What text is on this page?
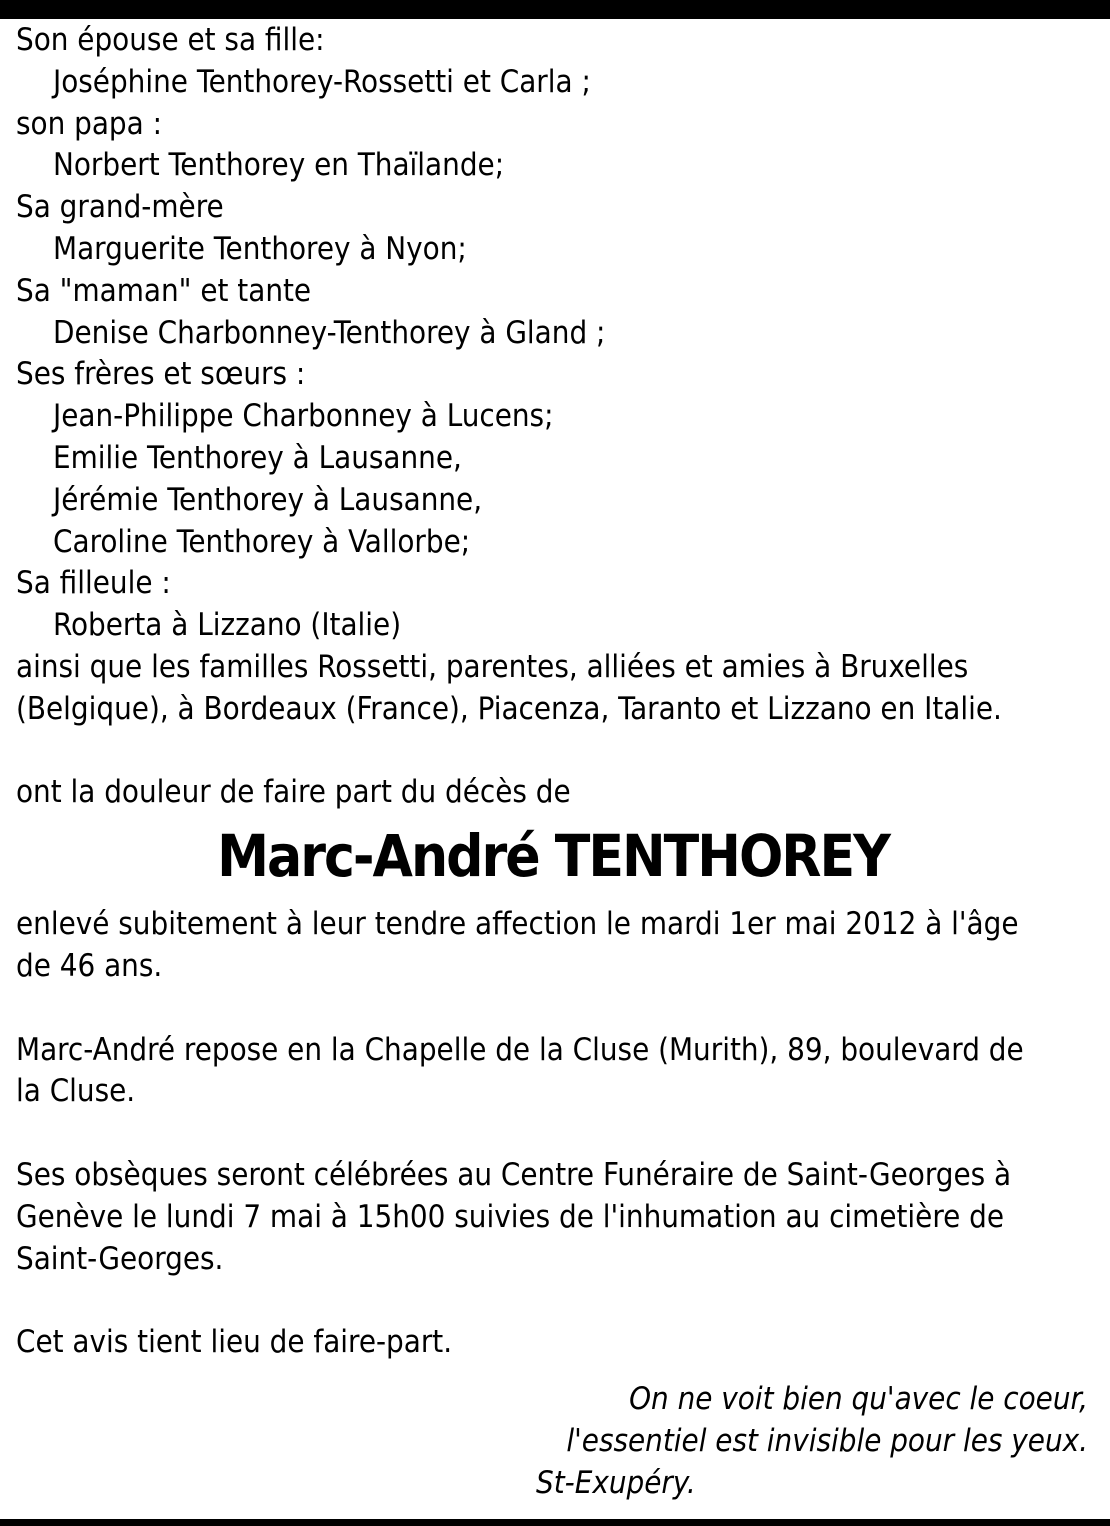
Son épouse et sa fille:
Joséphine Tenthorey-Rossetti et Carla ;
son papa :
Norbert Tenthorey en Thaïlande;
Sa grand-mère
Marguerite Tenthorey à Nyon;
Sa "maman" et tante
Denise Charbonney-Tenthorey à Gland ;
Ses frères et sœurs :
Jean-Philippe Charbonney à Lucens;
Emilie Tenthorey à Lausanne,
Jérémie Tenthorey à Lausanne,
Caroline Tenthorey à Vallorbe;
Sa filleule :
Roberta à Lizzano (Italie)
ainsi que les familles Rossetti, parentes, alliées et amies à Bruxelles
(Belgique), à Bordeaux (France), Piacenza, Taranto et Lizzano en Italie.
ont la douleur de faire part du décès de
Marc-André TENTHOREY
enlevé subitement à leur tendre affection le mardi 1er mai 2012 à l'âge
de 46 ans.
Marc-André repose en la Chapelle de la Cluse (Murith), 89, boulevard de
la Cluse.
Ses obsèques seront célébrées au Centre Funéraire de Saint-Georges à
Genève le lundi 7 mai à 15h00 suivies de l'inhumation au cimetière de
Saint-Georges.
Cet avis tient lieu de faire-part.
On ne voit bien qu'avec le coeur,
l'essentiel est invisible pour les yeux.
St-Exupéry.
